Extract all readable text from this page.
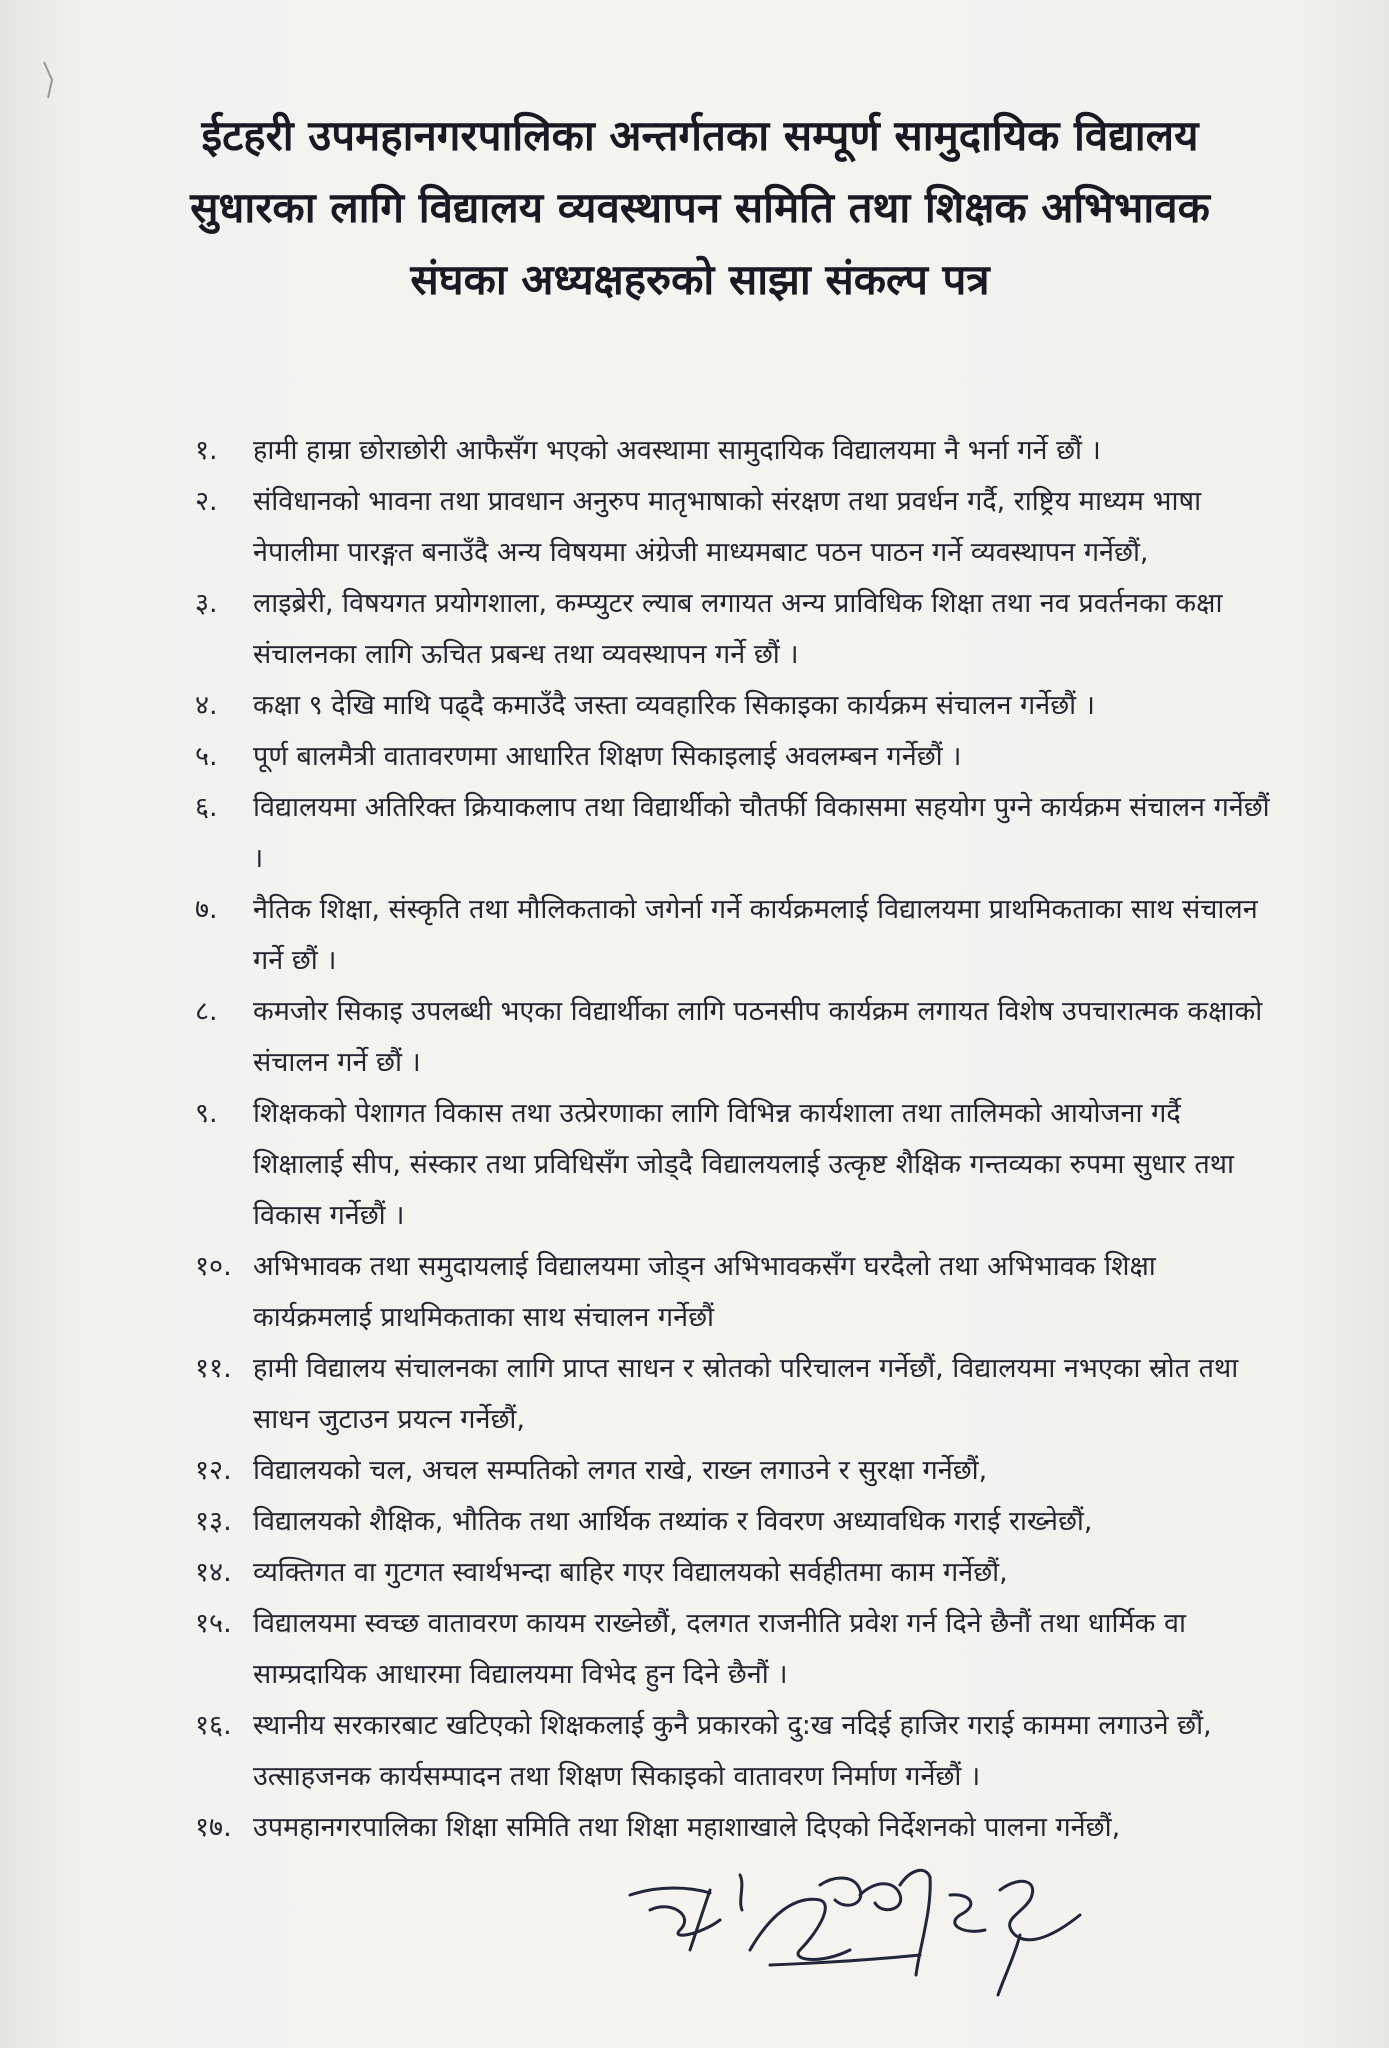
ईटहरी उपमहानगरपालिका अन्तर्गतका सम्पूर्ण सामुदायिक विद्यालय
सुधारका लागि विद्यालय व्यवस्थापन समिति तथा शिक्षक अभिभावक
संघका अध्यक्षहरुको साझा संकल्प पत्र
१.	हामी हाम्रा छोराछोरी आफैसँग भएको अवस्थामा सामुदायिक विद्यालयमा नै भर्ना गर्ने छौं ।
२.	संविधानको भावना तथा प्रावधान अनुरुप मातृभाषाको संरक्षण तथा प्रवर्धन गर्दै, राष्ट्रिय माध्यम भाषा नेपालीमा पारङ्गत बनाउँदै अन्य विषयमा अंग्रेजी माध्यमबाट पठन पाठन गर्ने व्यवस्थापन गर्नेछौं,
३.	लाइब्रेरी, विषयगत प्रयोगशाला, कम्प्युटर ल्याब लगायत अन्य प्राविधिक शिक्षा तथा नव प्रवर्तनका कक्षा संचालनका लागि ऊचित प्रबन्ध तथा व्यवस्थापन गर्ने छौं ।
४.	कक्षा ९ देखि माथि पढ्दै कमाउँदै जस्ता व्यवहारिक सिकाइका कार्यक्रम संचालन गर्नेछौं ।
५.	पूर्ण बालमैत्री वातावरणमा आधारित शिक्षण सिकाइलाई अवलम्बन गर्नेछौं ।
६.	विद्यालयमा अतिरिक्त क्रियाकलाप तथा विद्यार्थीको चौतर्फी विकासमा सहयोग पुग्ने कार्यक्रम संचालन गर्नेछौं ।
७.	नैतिक शिक्षा, संस्कृति तथा मौलिकताको जगेर्ना गर्ने कार्यक्रमलाई विद्यालयमा प्राथमिकताका साथ संचालन गर्ने छौं ।
८.	कमजोर सिकाइ उपलब्धी भएका विद्यार्थीका लागि पठनसीप कार्यक्रम लगायत विशेष उपचारात्मक कक्षाको संचालन गर्ने छौं ।
९.	शिक्षकको पेशागत विकास तथा उत्प्रेरणाका लागि विभिन्न कार्यशाला तथा तालिमको आयोजना गर्दै शिक्षालाई सीप, संस्कार तथा प्रविधिसँग जोड्दै विद्यालयलाई उत्कृष्ट शैक्षिक गन्तव्यका रुपमा सुधार तथा विकास गर्नेछौं ।
१०. अभिभावक तथा समुदायलाई विद्यालयमा जोड्न अभिभावकसँग घरदैलो तथा अभिभावक शिक्षा कार्यक्रमलाई प्राथमिकताका साथ संचालन गर्नेछौं
११. हामी विद्यालय संचालनका लागि प्राप्त साधन र स्रोतको परिचालन गर्नेछौं, विद्यालयमा नभएका स्रोत तथा साधन जुटाउन प्रयत्न गर्नेछौं,
१२. विद्यालयको चल, अचल सम्पतिको लगत राखे, राख्न लगाउने र सुरक्षा गर्नेछौं,
१३. विद्यालयको शैक्षिक, भौतिक तथा आर्थिक तथ्यांक र विवरण अध्यावधिक गराई राख्नेछौं,
१४. व्यक्तिगत वा गुटगत स्वार्थभन्दा बाहिर गएर विद्यालयको सर्वहीतमा काम गर्नेछौं,
१५. विद्यालयमा स्वच्छ वातावरण कायम राख्नेछौं, दलगत राजनीति प्रवेश गर्न दिने छैनौं तथा धार्मिक वा साम्प्रदायिक आधारमा विद्यालयमा विभेद हुन दिने छैनौं ।
१६. स्थानीय सरकारबाट खटिएको शिक्षकलाई कुनै प्रकारको दु:ख नदिई हाजिर गराई काममा लगाउने छौं, उत्साहजनक कार्यसम्पादन तथा शिक्षण सिकाइको वातावरण निर्माण गर्नेछौं ।
१७. उपमहानगरपालिका शिक्षा समिति तथा शिक्षा महाशाखाले दिएको निर्देशनको पालना गर्नेछौं,
